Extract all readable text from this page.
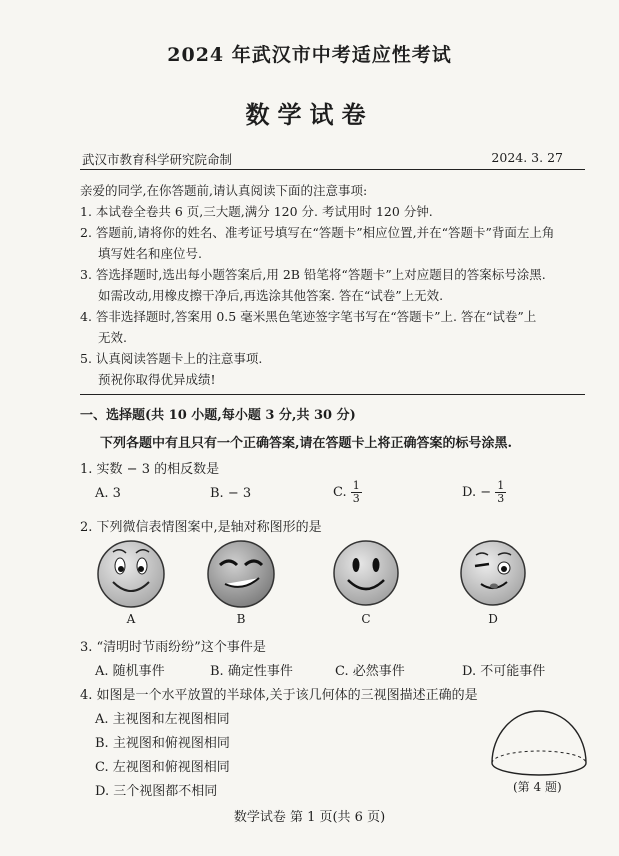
2024 年武汉市中考适应性考试
数学试卷
武汉市教育科学研究院命制	2024. 3. 27
亲爱的同学,在你答题前,请认真阅读下面的注意事项:
1. 本试卷全卷共 6 页,三大题,满分 120 分. 考试用时 120 分钟.
2. 答题前,请将你的姓名、准考证号填写在“答题卡”相应位置,并在“答题卡”背面左上角
填写姓名和座位号.
3. 答选择题时,选出每小题答案后,用 2B 铅笔将“答题卡”上对应题目的答案标号涂黑.
如需改动,用橡皮擦干净后,再选涂其他答案. 答在“试卷”上无效.
4. 答非选择题时,答案用 0.5 毫米黑色笔迹签字笔书写在“答题卡”上. 答在“试卷”上
无效.
5. 认真阅读答题卡上的注意事项.
预祝你取得优异成绩!
一、选择题(共 10 小题,每小题 3 分,共 30 分)
下列各题中有且只有一个正确答案,请在答题卡上将正确答案的标号涂黑.
1. 实数 − 3 的相反数是
A. 3	B. − 3	C. $\frac{1}{3}$	D. − $\frac{1}{3}$
2. 下列微信表情图案中,是轴对称图形的是
A	B	C	D
3. “清明时节雨纷纷”这个事件是
A. 随机事件	B. 确定性事件	C. 必然事件	D. 不可能事件
4. 如图是一个水平放置的半球体,关于该几何体的三视图描述正确的是
A. 主视图和左视图相同
B. 主视图和俯视图相同
C. 左视图和俯视图相同
D. 三个视图都不相同	(第 4 题)
数学试卷 第 1 页(共 6 页)
